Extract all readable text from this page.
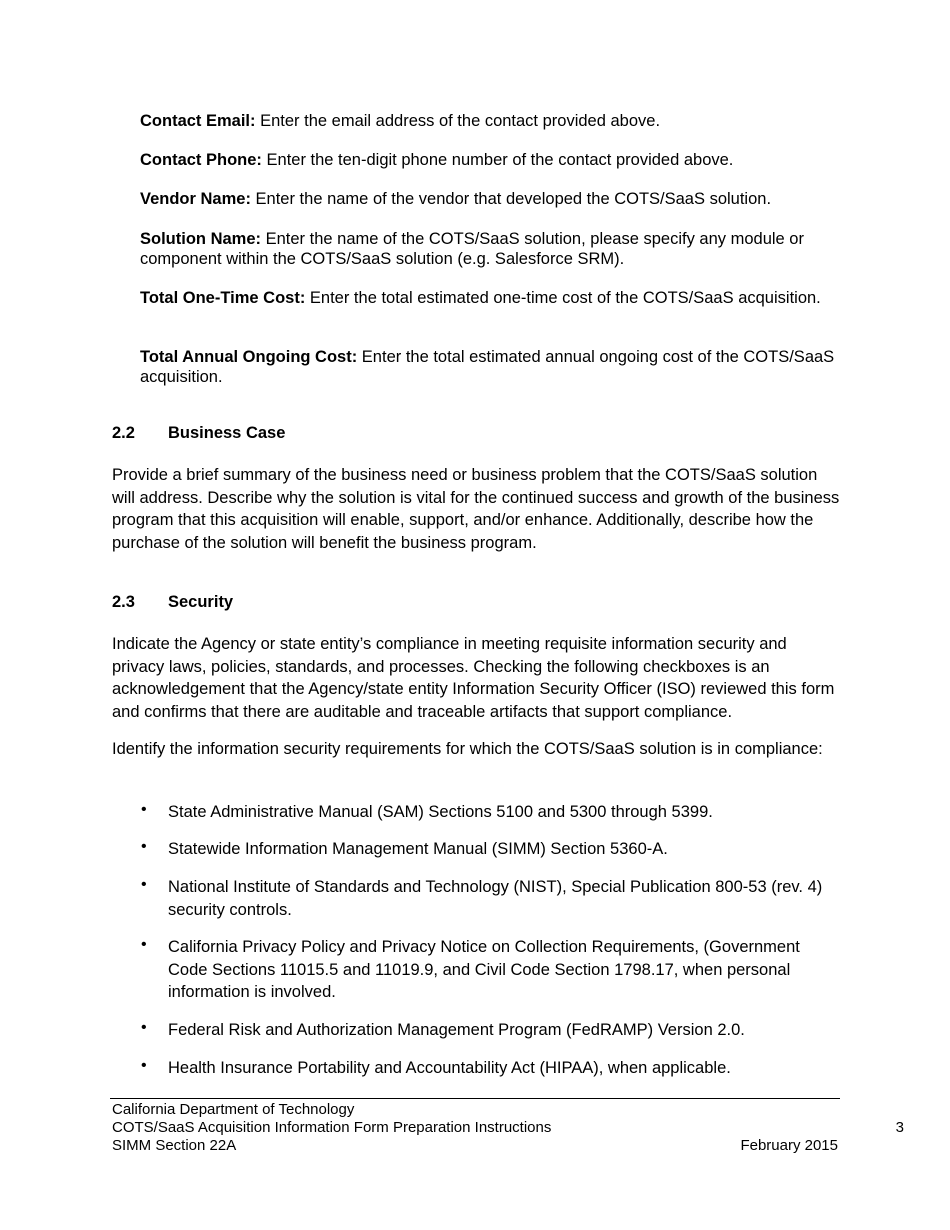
Contact Email: Enter the email address of the contact provided above.
Contact Phone: Enter the ten-digit phone number of the contact provided above.
Vendor Name: Enter the name of the vendor that developed the COTS/SaaS solution.
Solution Name: Enter the name of the COTS/SaaS solution, please specify any module or component within the COTS/SaaS solution (e.g. Salesforce SRM).
Total One-Time Cost: Enter the total estimated one-time cost of the COTS/SaaS acquisition.
Total Annual Ongoing Cost: Enter the total estimated annual ongoing cost of the COTS/SaaS acquisition.
2.2 Business Case
Provide a brief summary of the business need or business problem that the COTS/SaaS solution will address. Describe why the solution is vital for the continued success and growth of the business program that this acquisition will enable, support, and/or enhance. Additionally, describe how the purchase of the solution will benefit the business program.
2.3 Security
Indicate the Agency or state entity’s compliance in meeting requisite information security and privacy laws, policies, standards, and processes. Checking the following checkboxes is an acknowledgement that the Agency/state entity Information Security Officer (ISO) reviewed this form and confirms that there are auditable and traceable artifacts that support compliance.
Identify the information security requirements for which the COTS/SaaS solution is in compliance:
• State Administrative Manual (SAM) Sections 5100 and 5300 through 5399.
• Statewide Information Management Manual (SIMM) Section 5360-A.
• National Institute of Standards and Technology (NIST), Special Publication 800-53 (rev. 4) security controls.
• California Privacy Policy and Privacy Notice on Collection Requirements, (Government Code Sections 11015.5 and 11019.9, and Civil Code Section 1798.17, when personal information is involved.
• Federal Risk and Authorization Management Program (FedRAMP) Version 2.0.
• Health Insurance Portability and Accountability Act (HIPAA), when applicable.
California Department of Technology
COTS/SaaS Acquisition Information Form Preparation Instructions
SIMM Section 22A	February 2015
3
